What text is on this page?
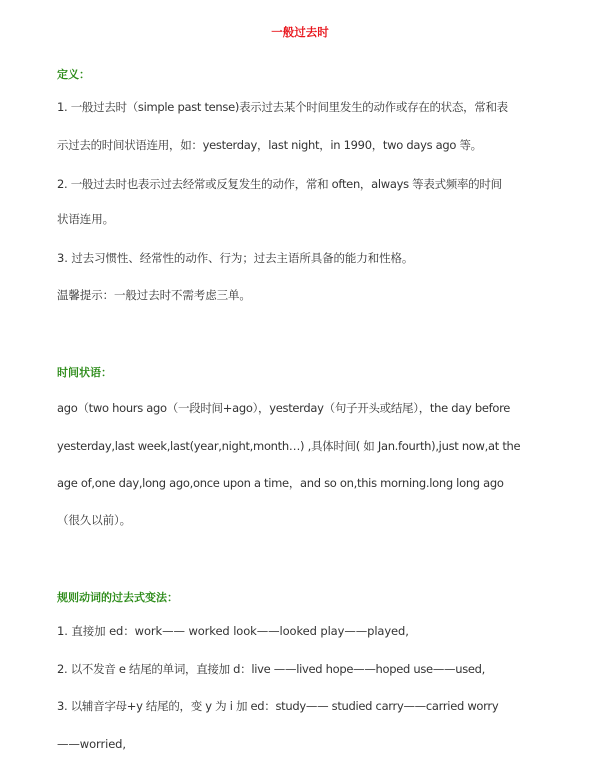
一般过去时
定义：
1. 一般过去时（simple past tense)表示过去某个时间里发生的动作或存在的状态，常和表
示过去的时间状语连用，如：yesterday，last night，in 1990，two days ago 等。
2. 一般过去时也表示过去经常或反复发生的动作，常和 often，always 等表式频率的时间
状语连用。
3. 过去习惯性、经常性的动作、行为；过去主语所具备的能力和性格。
温馨提示：一般过去时不需考虑三单。
时间状语：
ago（two hours ago（一段时间+ago），yesterday（句子开头或结尾），the day before
yesterday,last week,last(year,night,month…) ,具体时间( 如 Jan.fourth),just now,at the
age of,one day,long ago,once upon a time，and so on,this morning.long long ago
（很久以前）。
规则动词的过去式变法：
1. 直接加 ed：work—— worked look——looked play——played,
2. 以不发音 e 结尾的单词，直接加 d：live ——lived hope——hoped use——used,
3. 以辅音字母+y 结尾的，变 y 为 i 加 ed：study—— studied carry——carried worry
——worried,
